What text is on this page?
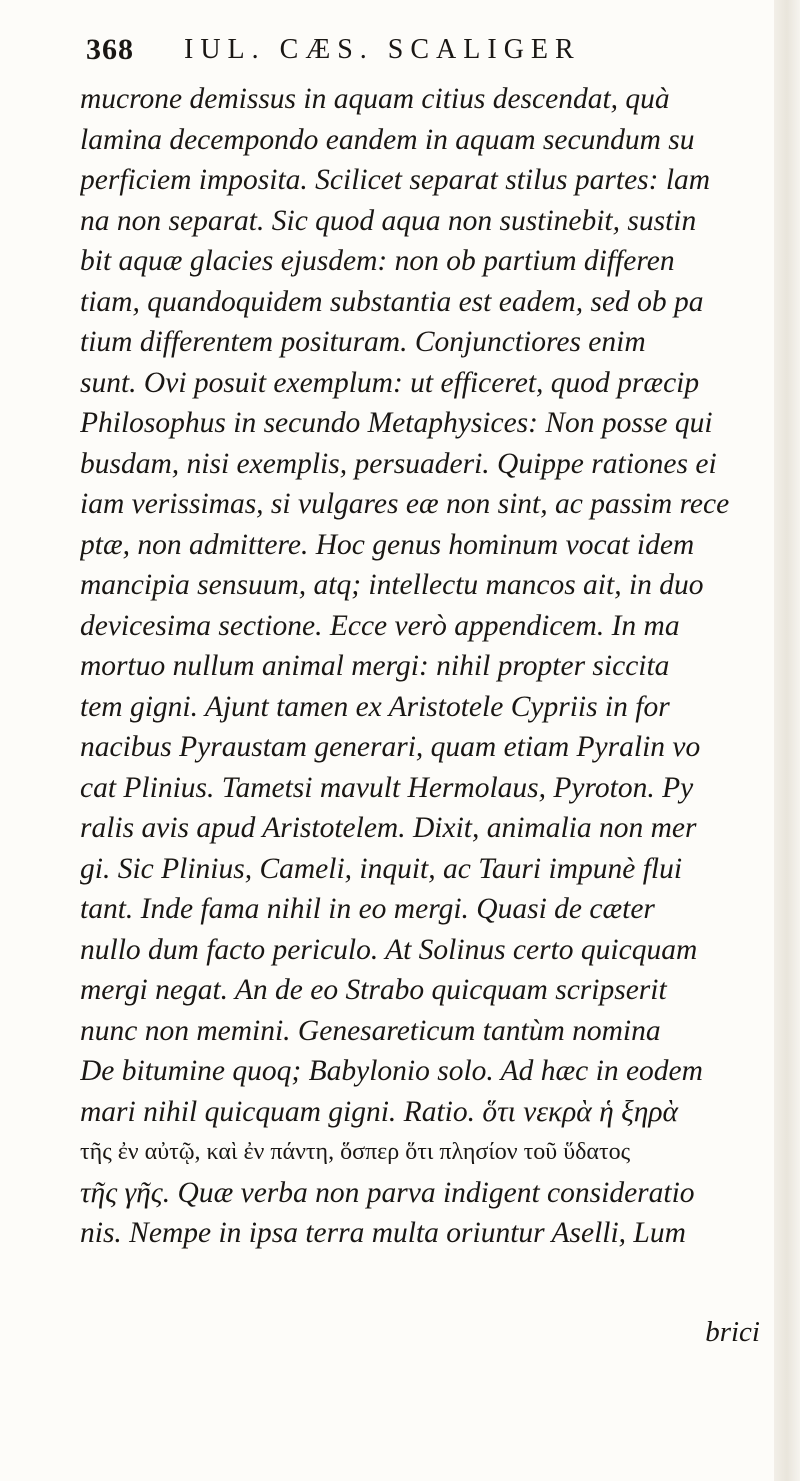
368 IUL. CÆS. SCALIGER
mucrone demissus in aquam citius descendat, quà
lamina decempondo eandem in aquam secundum su
perficiem imposita. Scilicet separat stilus partes: lam
na non separat. Sic quod aqua non sustinebit, sustin
bit aquæ glacies ejusdem: non ob partium differen
tiam, quandoquidem substantia est eadem, sed ob pa
tium differentem posituram. Conjunctiores enim
sunt. Ovi posuit exemplum: ut efficeret, quod præcip
Philosophus in secundo Metaphysices: Non posse qui
busdam, nisi exemplis, persuaderi. Quippe rationes ei
iam verissimas, si vulgares eæ non sint, ac passim rece
ptæ, non admittere. Hoc genus hominum vocat idem
mancipia sensuum, atq; intellectu mancos ait, in duo
devicesima sectione. Ecce verò appendicem. In ma
mortuo nullum animal mergi: nihil propter siccita
tem gigni. Ajunt tamen ex Aristotele Cypriis in for
nacibus Pyraustam generari, quam etiam Pyralin vo
cat Plinius. Tametsi mavult Hermolaus, Pyroton. Py
ralis avis apud Aristotelem. Dixit, animalia non mer
gi. Sic Plinius, Cameli, inquit, ac Tauri impunè flui
tant. Inde fama nihil in eo mergi. Quasi de cæter
nullo dum facto periculo. At Solinus certo quicquam
mergi negat. An de eo Strabo quicquam scripserit
nunc non memini. Genesareticum tantùm nomina
De bitumine quoq; Babylonio solo. Ad hæc in eodem
mari nihil quicquam gigni. Ratio. ὅτι νεκρὰ ἡ ξηρὰ
τῆς ἐν αὐτῷ, καὶ ἐν πάντη, ὅσπερ ὅτι πλησίον τοῦ ὕδατος
τῆς γῆς. Quæ verba non parva indigent consideratio
nis. Nempe in ipsa terra multa oriuntur Aselli, Lum
brici
